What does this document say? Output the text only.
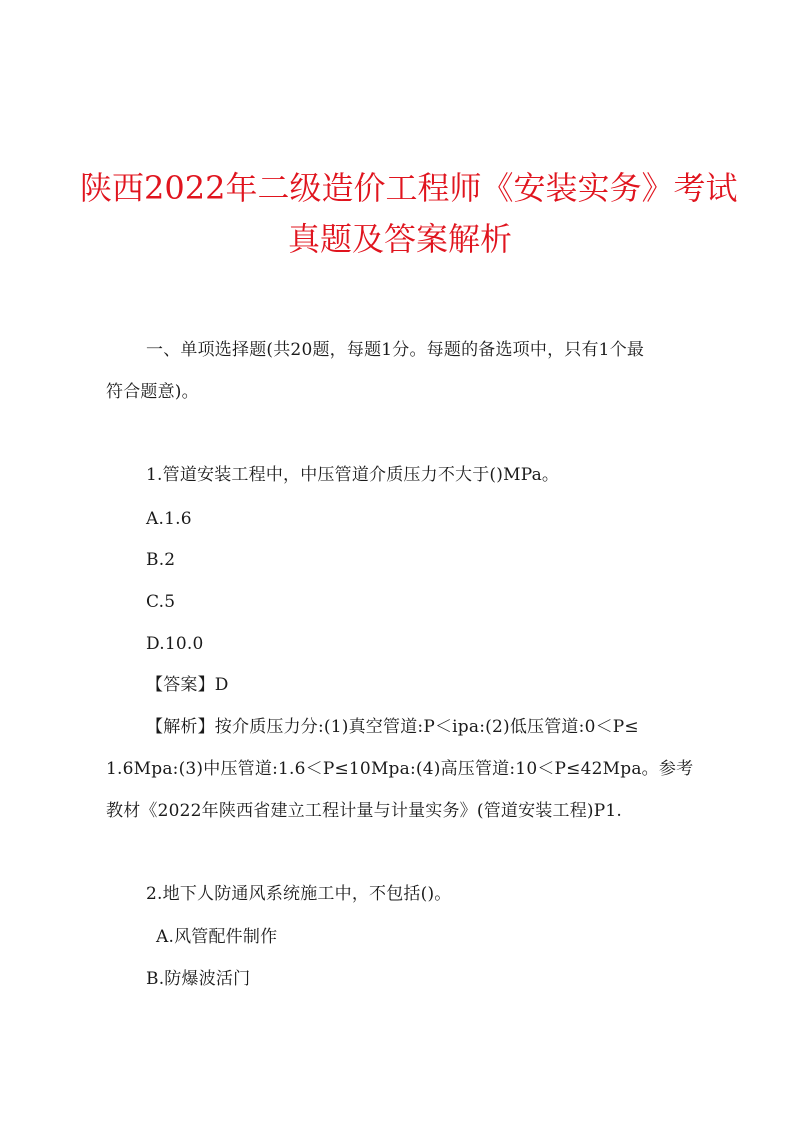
陕西2022年二级造价工程师《安装实务》考试
真题及答案解析
一、单项选择题(共20题，每题1分。每题的备选项中，只有1个最
符合题意)。
1.管道安装工程中，中压管道介质压力不大于()MPa。
A.1.6
B.2
C.5
D.10.0
【答案】D
【解析】按介质压力分:(1)真空管道:P＜ipa:(2)低压管道:0＜P≤
1.6Mpa:(3)中压管道:1.6＜P≤10Mpa:(4)高压管道:10＜P≤42Mpa。参考
教材《2022年陕西省建立工程计量与计量实务》(管道安装工程)P1.
2.地下人防通风系统施工中，不包括()。
A.风管配件制作
B.防爆波活门
